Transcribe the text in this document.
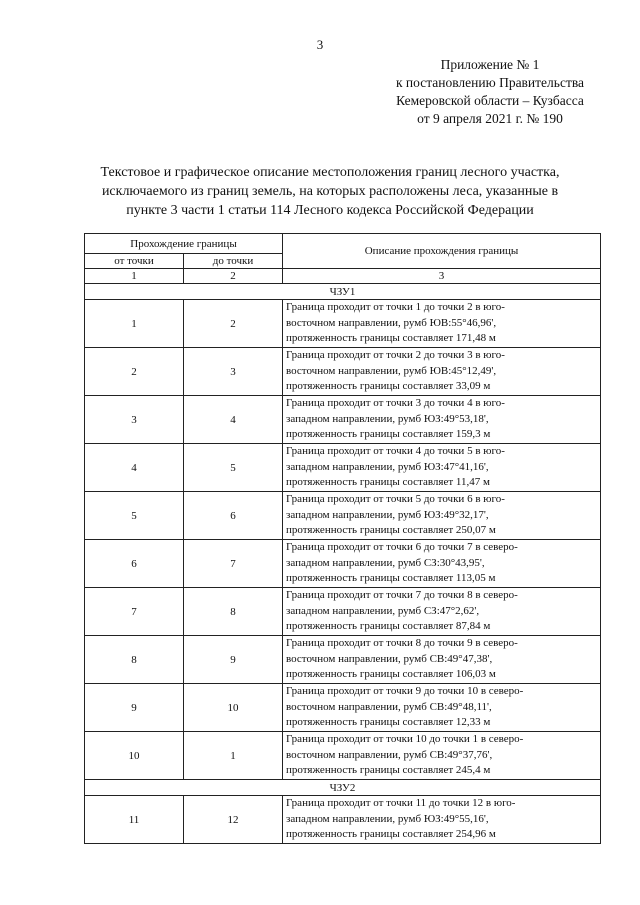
3
Приложение № 1
к постановлению Правительства
Кемеровской области – Кузбасса
от 9 апреля 2021 г. № 190
Текстовое и графическое описание местоположения границ лесного участка,
исключаемого из границ земель, на которых расположены леса, указанные в
пункте 3 части 1 статьи 114 Лесного кодекса Российской Федерации
Прохождение границы		Описание прохождения границы
от точки	до точки	
1	2	3
ЧЗУ1		
1	2	Граница проходит от точки 1 до точки 2 в юго-
восточном направлении, румб ЮВ:55°46,96',
протяженность границы составляет 171,48 м

2	3	Граница проходит от точки 2 до точки 3 в юго-
восточном направлении, румб ЮВ:45°12,49',
протяженность границы составляет 33,09 м

3	4	Граница проходит от точки 3 до точки 4 в юго-
западном направлении, румб ЮЗ:49°53,18',
протяженность границы составляет 159,3 м

4	5	Граница проходит от точки 4 до точки 5 в юго-
западном направлении, румб ЮЗ:47°41,16',
протяженность границы составляет 11,47 м

5	6	Граница проходит от точки 5 до точки 6 в юго-
западном направлении, румб ЮЗ:49°32,17',
протяженность границы составляет 250,07 м

6	7	Граница проходит от точки 6 до точки 7 в северо-
западном направлении, румб СЗ:30°43,95',
протяженность границы составляет 113,05 м

7	8	Граница проходит от точки 7 до точки 8 в северо-
западном направлении, румб СЗ:47°2,62',
протяженность границы составляет 87,84 м

8	9	Граница проходит от точки 8 до точки 9 в северо-
восточном направлении, румб СВ:49°47,38',
протяженность границы составляет 106,03 м

9	10	Граница проходит от точки 9 до точки 10 в северо-
восточном направлении, румб СВ:49°48,11',
протяженность границы составляет 12,33 м

10	1	Граница проходит от точки 10 до точки 1 в северо-
восточном направлении, румб СВ:49°37,76',
протяженность границы составляет 245,4 м

ЧЗУ2		
11	12	Граница проходит от точки 11 до точки 12 в юго-
западном направлении, румб ЮЗ:49°55,16',
протяженность границы составляет 254,96 м
